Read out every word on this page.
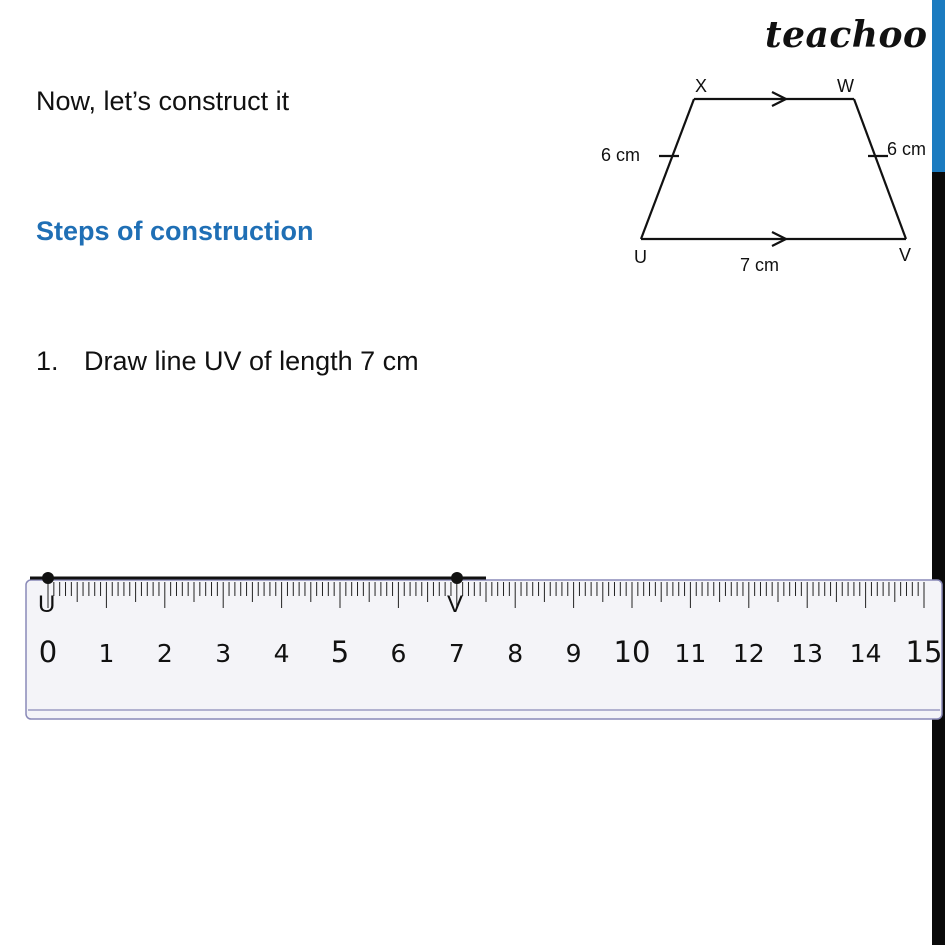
teachoo
Now, let’s construct it
Steps of construction
1. Draw line UV of length 7 cm
X	W
U	V
6 cm	6 cm
7 cm
0 1 2 3 4 5 6 7 8 9 10 11 12 13 14 15
U	V
